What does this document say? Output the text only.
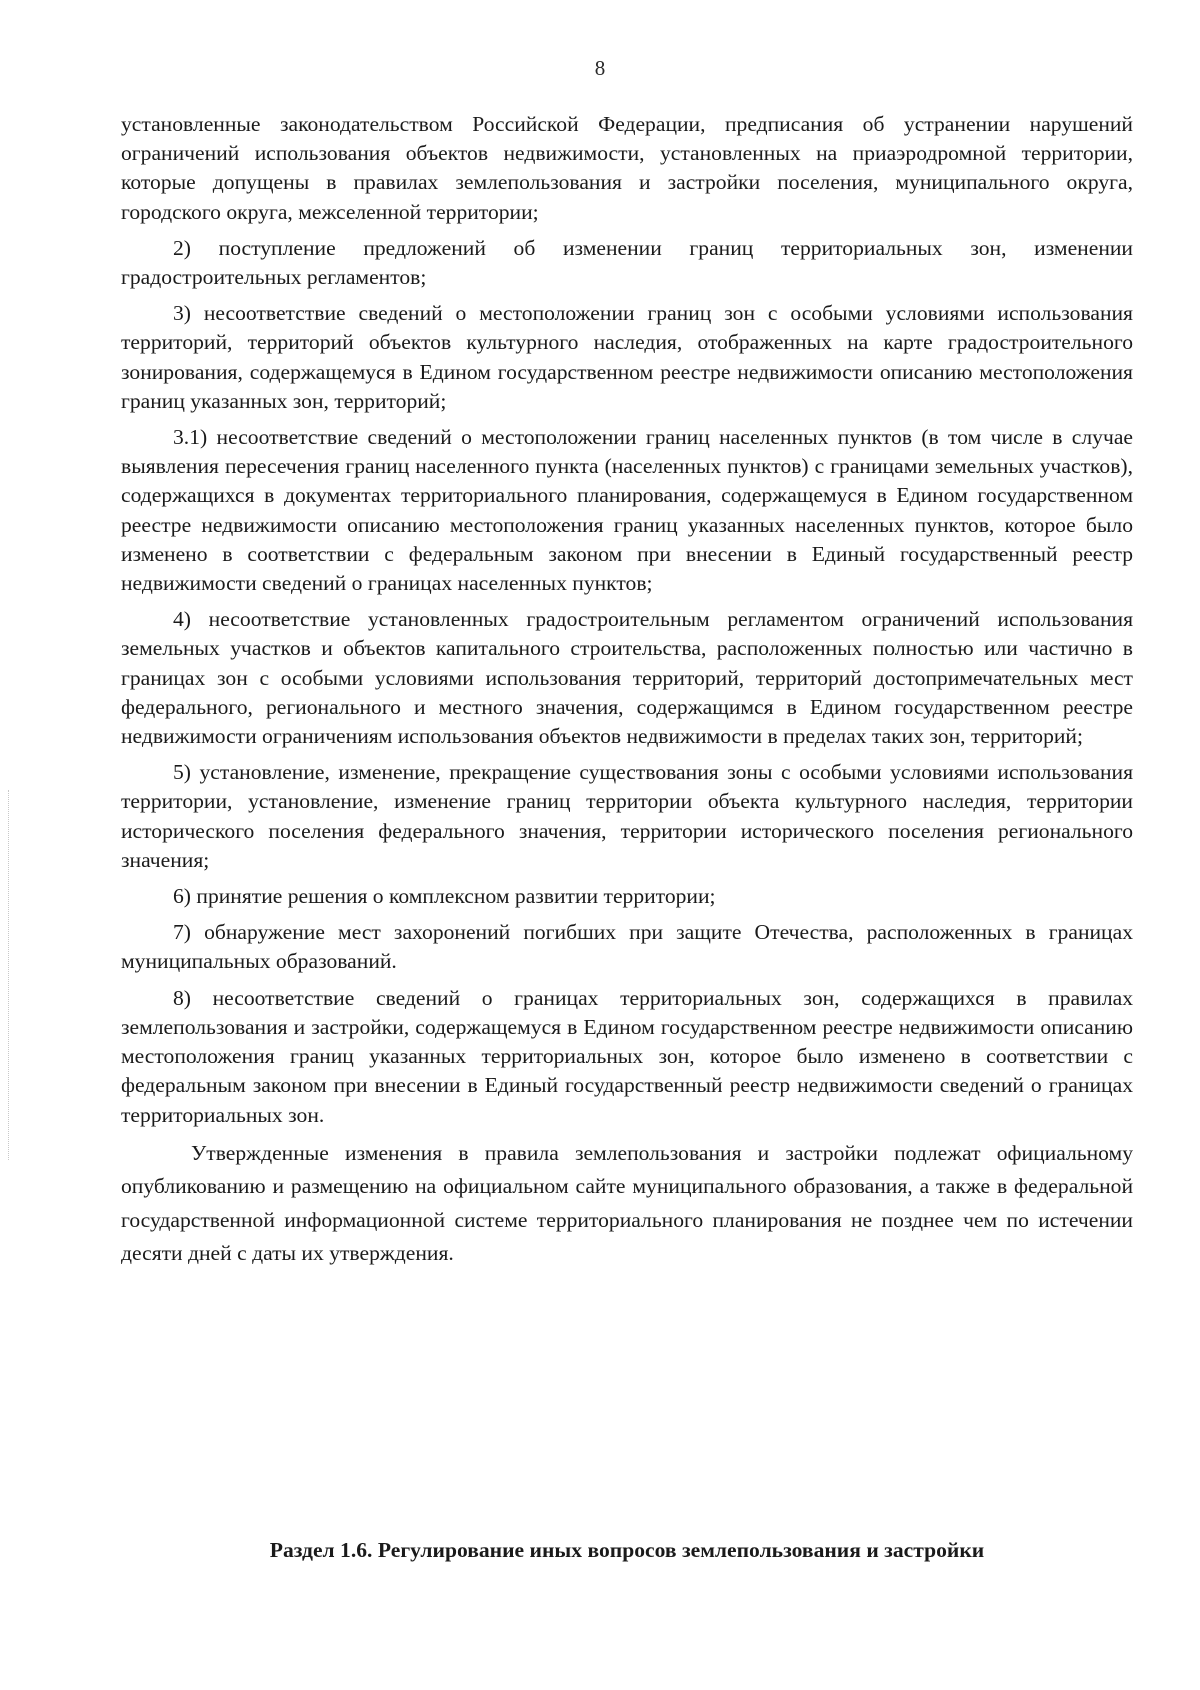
8

установленные законодательством Российской Федерации, предписания об устранении нарушений ограничений использования объектов недвижимости, установленных на приаэродромной территории, которые допущены в правилах землепользования и застройки поселения, муниципального округа, городского округа, межселенной территории;

2) поступление предложений об изменении границ территориальных зон, изменении градостроительных регламентов;

3) несоответствие сведений о местоположении границ зон с особыми условиями использования территорий, территорий объектов культурного наследия, отображенных на карте градостроительного зонирования, содержащемуся в Едином государственном реестре недвижимости описанию местоположения границ указанных зон, территорий;

3.1) несоответствие сведений о местоположении границ населенных пунктов (в том числе в случае выявления пересечения границ населенного пункта (населенных пунктов) с границами земельных участков), содержащихся в документах территориального планирования, содержащемуся в Едином государственном реестре недвижимости описанию местоположения границ указанных населенных пунктов, которое было изменено в соответствии с федеральным законом при внесении в Единый государственный реестр недвижимости сведений о границах населенных пунктов;

4) несоответствие установленных градостроительным регламентом ограничений использования земельных участков и объектов капитального строительства, расположенных полностью или частично в границах зон с особыми условиями использования территорий, территорий достопримечательных мест федерального, регионального и местного значения, содержащимся в Едином государственном реестре недвижимости ограничениям использования объектов недвижимости в пределах таких зон, территорий;

5) установление, изменение, прекращение существования зоны с особыми условиями использования территории, установление, изменение границ территории объекта культурного наследия, территории исторического поселения федерального значения, территории исторического поселения регионального значения;

6) принятие решения о комплексном развитии территории;

7) обнаружение мест захоронений погибших при защите Отечества, расположенных в границах муниципальных образований.

8) несоответствие сведений о границах территориальных зон, содержащихся в правилах землепользования и застройки, содержащемуся в Едином государственном реестре недвижимости описанию местоположения границ указанных территориальных зон, которое было изменено в соответствии с федеральным законом при внесении в Единый государственный реестр недвижимости сведений о границах территориальных зон.

Утвержденные изменения в правила землепользования и застройки подлежат официальному опубликованию и размещению на официальном сайте муниципального образования, а также в федеральной государственной информационной системе территориального планирования не позднее чем по истечении десяти дней с даты их утверждения.

Раздел 1.6. Регулирование иных вопросов землепользования и застройки
